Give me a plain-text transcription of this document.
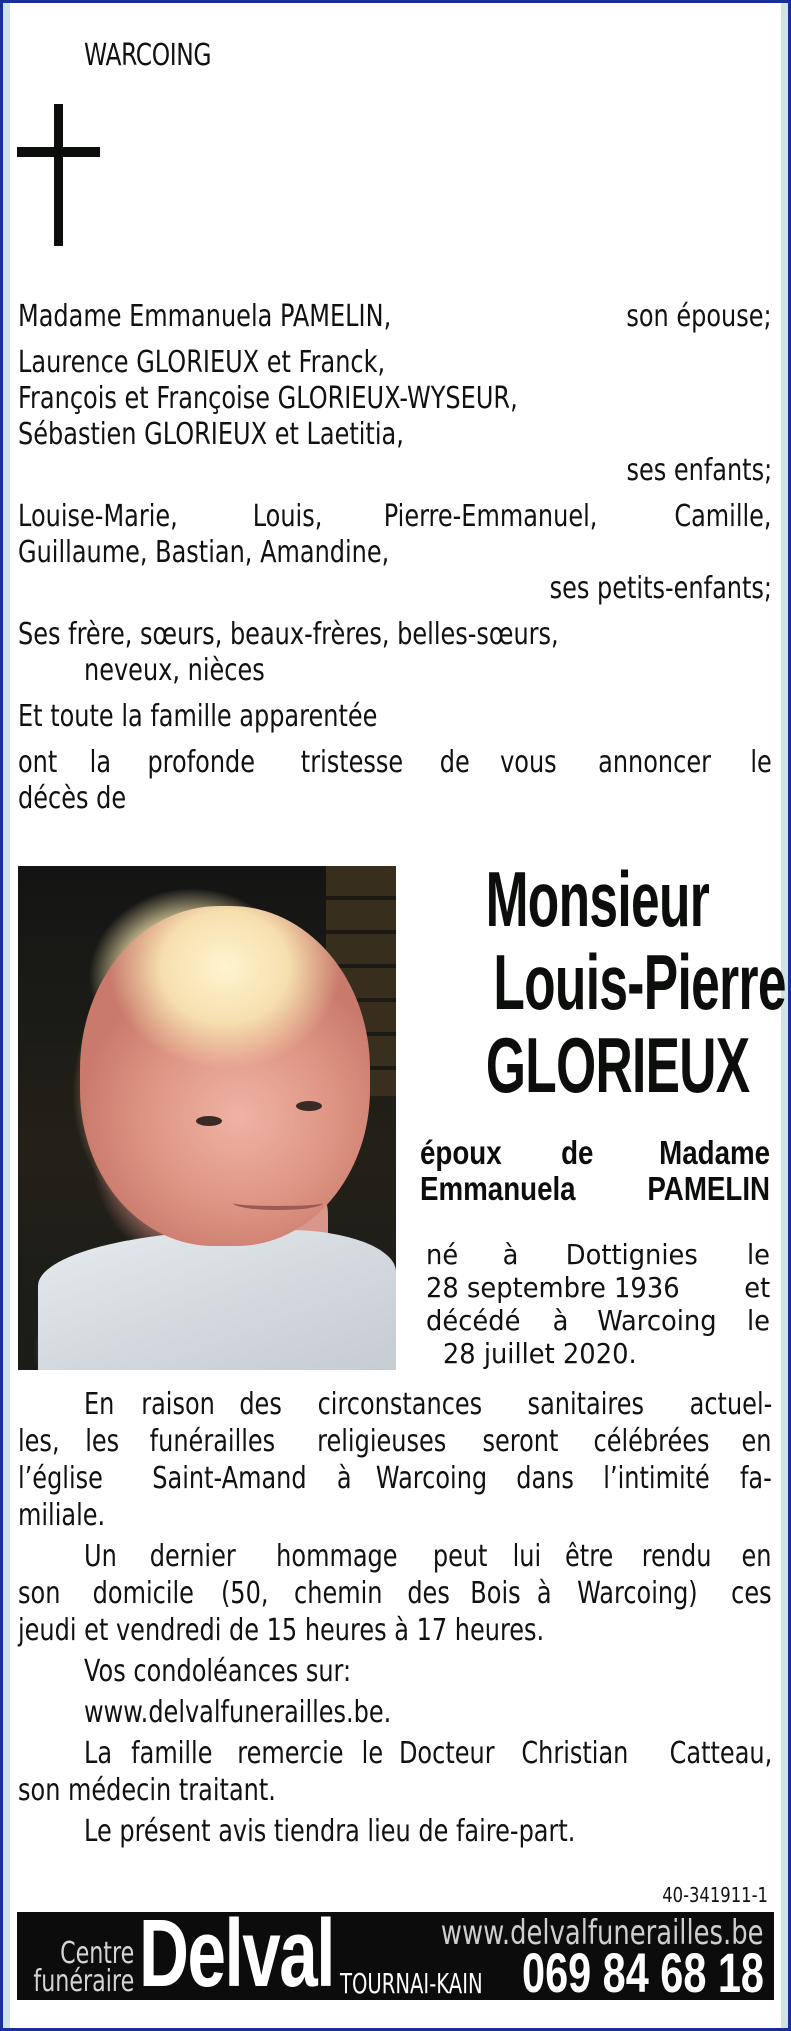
WARCOING
Madame Emmanuela PAMELIN,	son épouse;
Laurence GLORIEUX et Franck,
François et Françoise GLORIEUX-WYSEUR,
Sébastien GLORIEUX et Laetitia,
ses enfants;
Louise-Marie, Louis, Pierre-Emmanuel,	Camille,
Guillaume, Bastian, Amandine,
ses petits-enfants;
Ses frère, sœurs, beaux-frères, belles-sœurs,
neveux, nièces
Et toute la famille apparentée
ont la profonde tristesse de vous annoncer le
décès de
Monsieur
Louis-Pierre
GLORIEUX
époux de Madame
Emmanuela PAMELIN
né à Dottignies le
28 septembre 1936 et
décédé à Warcoing le
28 juillet 2020.
En raison des circonstances sanitaires actuel-
les, les funérailles religieuses seront célébrées en
l’église Saint-Amand à Warcoing dans l’intimité fa-
miliale.
Un dernier hommage peut lui être rendu en
son domicile (50, chemin des Bois à Warcoing) ces
jeudi et vendredi de 15 heures à 17 heures.
Vos condoléances sur:
www.delvalfunerailles.be.
La famille remercie le Docteur Christian Catteau,
son médecin traitant.
Le présent avis tiendra lieu de faire-part.
40-341911-1
Centre
funéraire Delval TOURNAI-KAIN
www.delvalfunerailles.be
069 84 68 18
